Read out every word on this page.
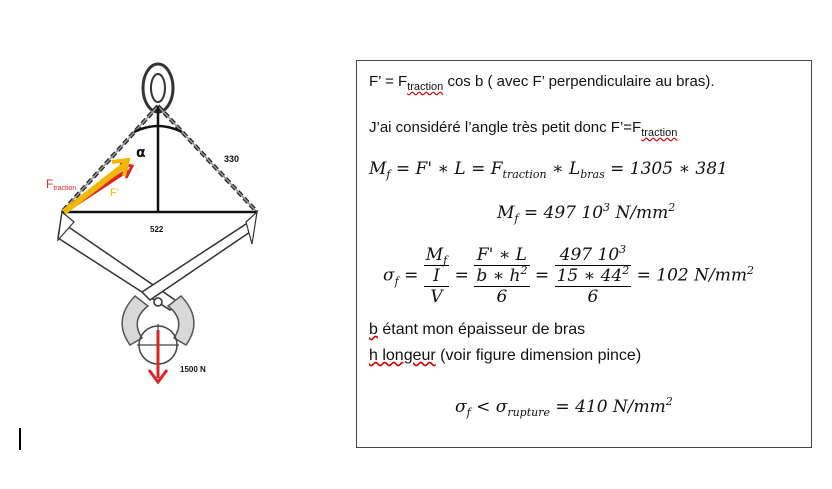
α	330
522
Ftraction	F'
1500 N
F’ = $F_{traction}$ cos b ( avec F’ perpendiculaire au bras).
J’ai considéré l’angle très petit donc $F’=F_{traction}$
$M_f = F'$ ∗ $L = F_{traction}$ ∗ $L_{bras} = 1305$ ∗ 381
$M_f = 497$ $10^3$ $N/mm^2$
$\sigma_f$ =
$M_f$
I
V
=
F' ∗ L
b ∗ $h^2$
6
=
497 $10^3$
15 ∗ $44^2$
6
= 102 $N/mm^2$
b étant mon épaisseur de bras
h longeur (voir figure dimension pince)
$\sigma_f < \sigma_{rupture} = 410$ $N/mm^2$
